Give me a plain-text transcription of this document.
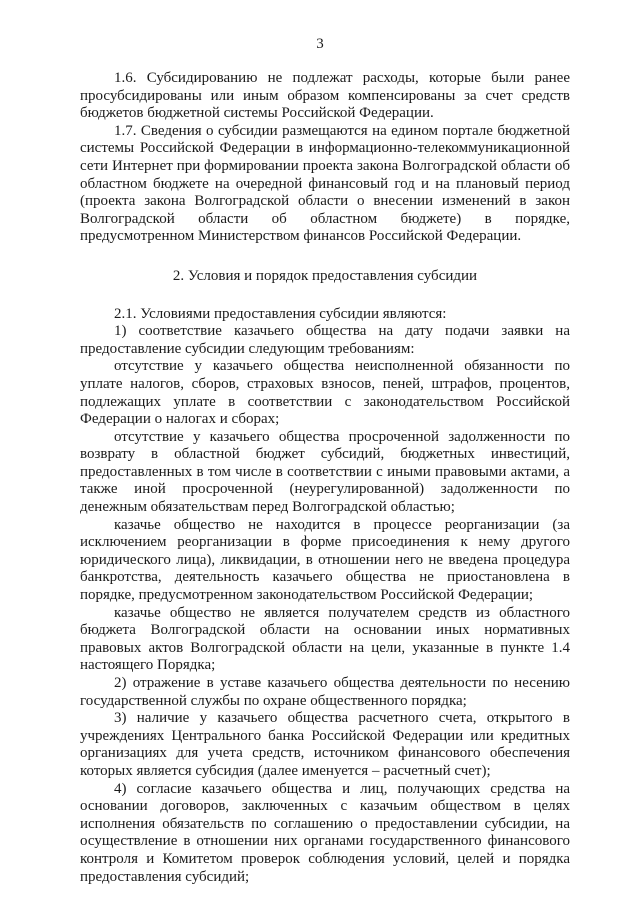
3

1.6. Субсидированию не подлежат расходы, которые были ранее просубсидированы или иным образом компенсированы за счет средств бюджетов бюджетной системы Российской Федерации.

1.7. Сведения о субсидии размещаются на едином портале бюджетной системы Российской Федерации в информационно-телекоммуникационной сети Интернет при формировании проекта закона Волгоградской области об областном бюджете на очередной финансовый год и на плановый период (проекта закона Волгоградской области о внесении изменений в закон Волгоградской области об областном бюджете) в порядке, предусмотренном Министерством финансов Российской Федерации.

2. Условия и порядок предоставления субсидии

2.1. Условиями предоставления субсидии являются:

1) соответствие казачьего общества на дату подачи заявки на предоставление субсидии следующим требованиям:

отсутствие у казачьего общества неисполненной обязанности по уплате налогов, сборов, страховых взносов, пеней, штрафов, процентов, подлежащих уплате в соответствии с законодательством Российской Федерации о налогах и сборах;

отсутствие у казачьего общества просроченной задолженности по возврату в областной бюджет субсидий, бюджетных инвестиций, предоставленных в том числе в соответствии с иными правовыми актами, а также иной просроченной (неурегулированной) задолженности по денежным обязательствам перед Волгоградской областью;

казачье общество не находится в процессе реорганизации (за исключением реорганизации в форме присоединения к нему другого юридического лица), ликвидации, в отношении него не введена процедура банкротства, деятельность казачьего общества не приостановлена в порядке, предусмотренном законодательством Российской Федерации;

казачье общество не является получателем средств из областного бюджета Волгоградской области на основании иных нормативных правовых актов Волгоградской области на цели, указанные в пункте 1.4 настоящего Порядка;

2) отражение в уставе казачьего общества деятельности по несению государственной службы по охране общественного порядка;

3) наличие у казачьего общества расчетного счета, открытого в учреждениях Центрального банка Российской Федерации или кредитных организациях для учета средств, источником финансового обеспечения которых является субсидия (далее именуется – расчетный счет);

4) согласие казачьего общества и лиц, получающих средства на основании договоров, заключенных с казачьим обществом в целях исполнения обязательств по соглашению о предоставлении субсидии, на осуществление в отношении них органами государственного финансового контроля и Комитетом проверок соблюдения условий, целей и порядка предоставления субсидий;
